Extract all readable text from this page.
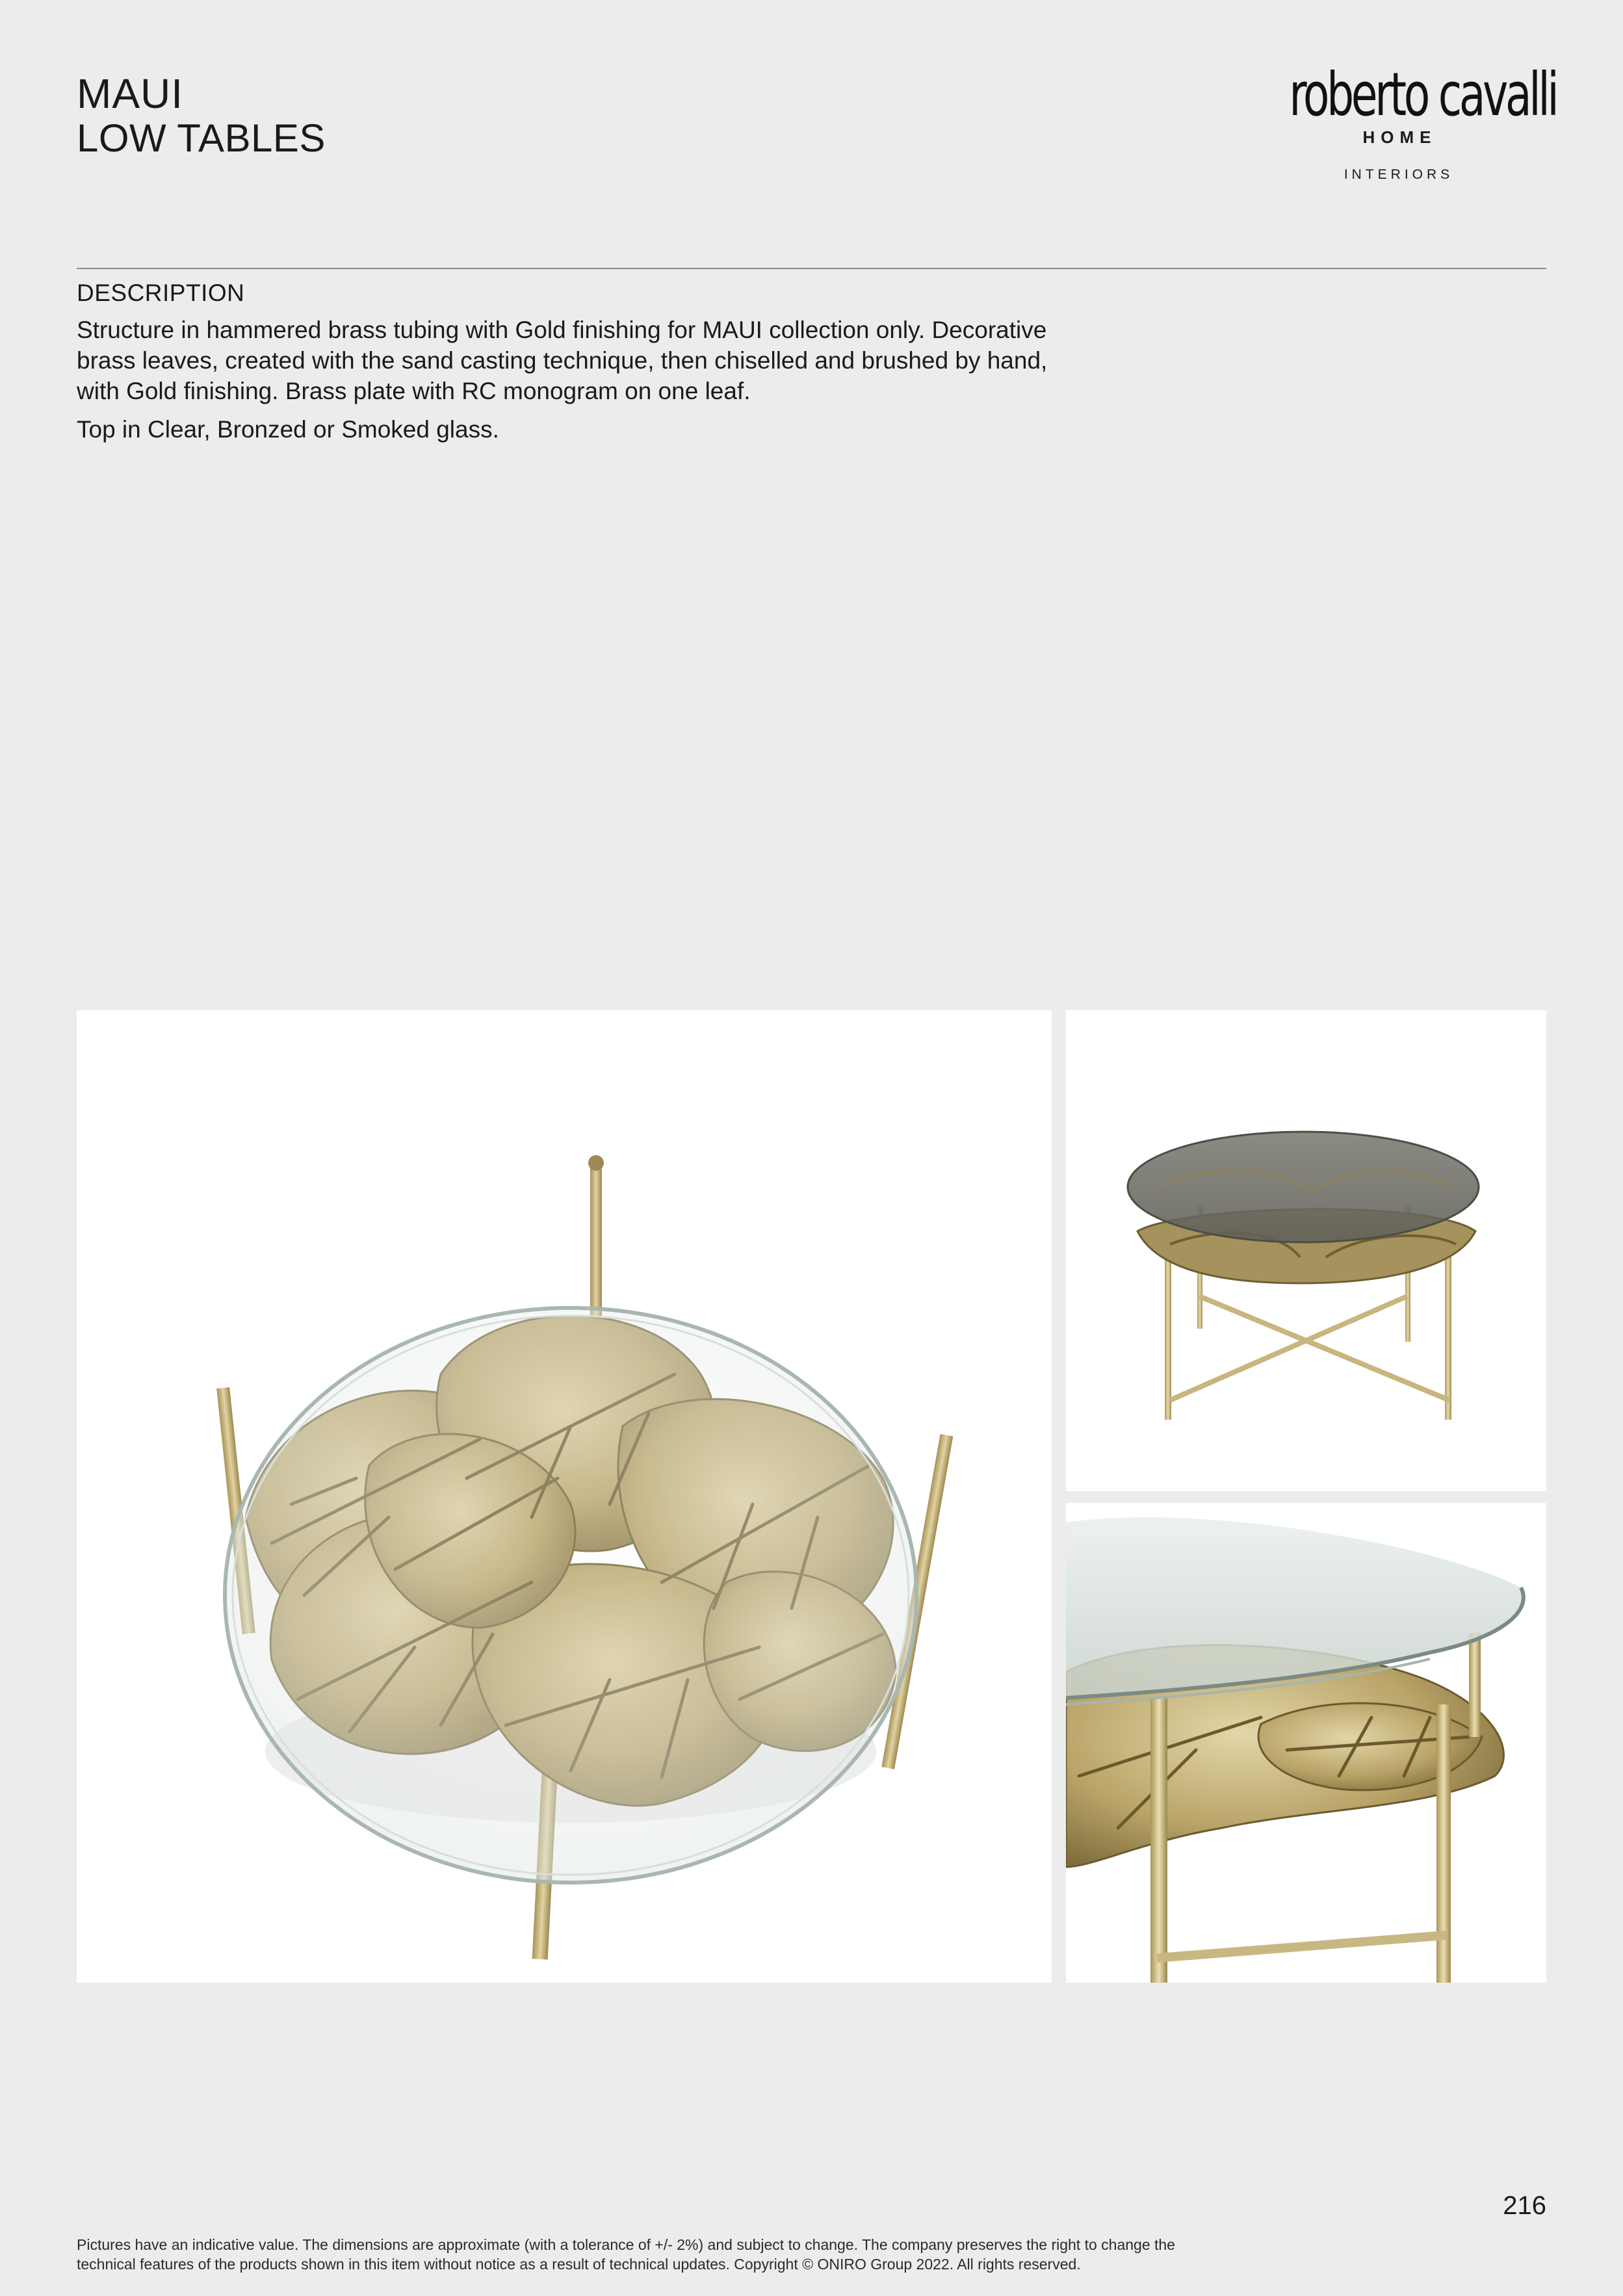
MAUI
LOW TABLES
roberto cavalli
HOME
INTERIORS
DESCRIPTION

Structure in hammered brass tubing with Gold finishing for MAUI collection only. Decorative brass leaves, created with the sand casting technique, then chiselled and brushed by hand, with Gold finishing. Brass plate with RC monogram on one leaf.

Top in Clear, Bronzed or Smoked glass.

216
Pictures have an indicative value. The dimensions are approximate (with a tolerance of +/- 2%) and subject to change. The company preserves the right to change the
technical features of the products shown in this item without notice as a result of technical updates. Copyright © ONIRO Group 2022. All rights reserved.
